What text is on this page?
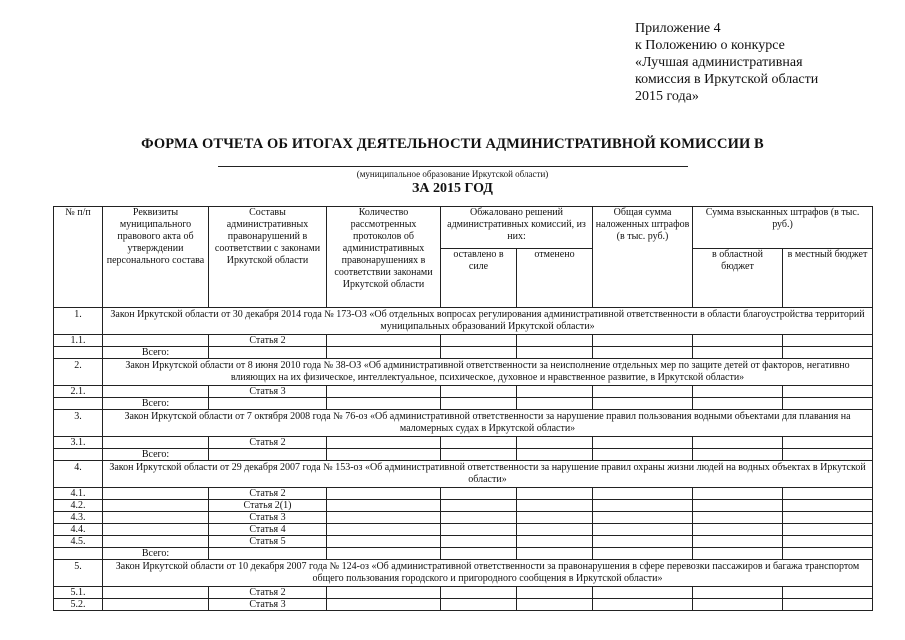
Приложение 4
к Положению о конкурсе
«Лучшая административная
комиссия в Иркутской области
2015 года»
ФОРМА ОТЧЕТА ОБ ИТОГАХ ДЕЯТЕЛЬНОСТИ АДМИНИСТРАТИВНОЙ КОМИССИИ В
(муниципальное образование Иркутской области)
ЗА 2015 ГОД
№ п/п	Реквизиты муниципального правового акта об утверждении персонального состава	Составы административных правонарушений в соответствии с законами Иркутской области	Количество рассмотренных протоколов об административных правонарушениях в соответствии законами Иркутской области	Обжаловано решений административных комиссий, из них:		Общая сумма наложенных штрафов (в тыс. руб.)	Сумма взысканных штрафов (в тыс. руб.)	
				оставлено в силе	отменено		в областной бюджет	в местный бюджет
1.	Закон Иркутской области от 30 декабря 2014 года № 173-ОЗ «Об отдельных вопросах регулирования административной ответственности в области благоустройства территорий муниципальных образований Иркутской области»							
1.1.		Статья 2						
	Всего:							
2.	Закон Иркутской области от 8 июня 2010 года № 38-ОЗ «Об административной ответственности за неисполнение отдельных мер по защите детей от факторов, негативно влияющих на их физическое, интеллектуальное, психическое, духовное и нравственное развитие, в Иркутской области»							
2.1.		Статья 3						
	Всего:							
3.	Закон Иркутской области от 7 октября 2008 года № 76-оз «Об административной ответственности за нарушение правил пользования водными объектами для плавания на маломерных судах в Иркутской области»							
3.1.		Статья 2						
	Всего:							
4.	Закон Иркутской области от 29 декабря 2007 года № 153-оз «Об административной ответственности за нарушение правил охраны жизни людей на водных объектах в Иркутской области»							
4.1.		Статья 2						
4.2.		Статья 2(1)						
4.3.		Статья 3						
4.4.		Статья 4						
4.5.		Статья 5						
	Всего:							
5.	Закон Иркутской области от 10 декабря 2007 года № 124-оз «Об административной ответственности за правонарушения в сфере перевозки пассажиров и багажа транспортом общего пользования городского и пригородного сообщения в Иркутской области»							
5.1.		Статья 2						
5.2.		Статья 3						
